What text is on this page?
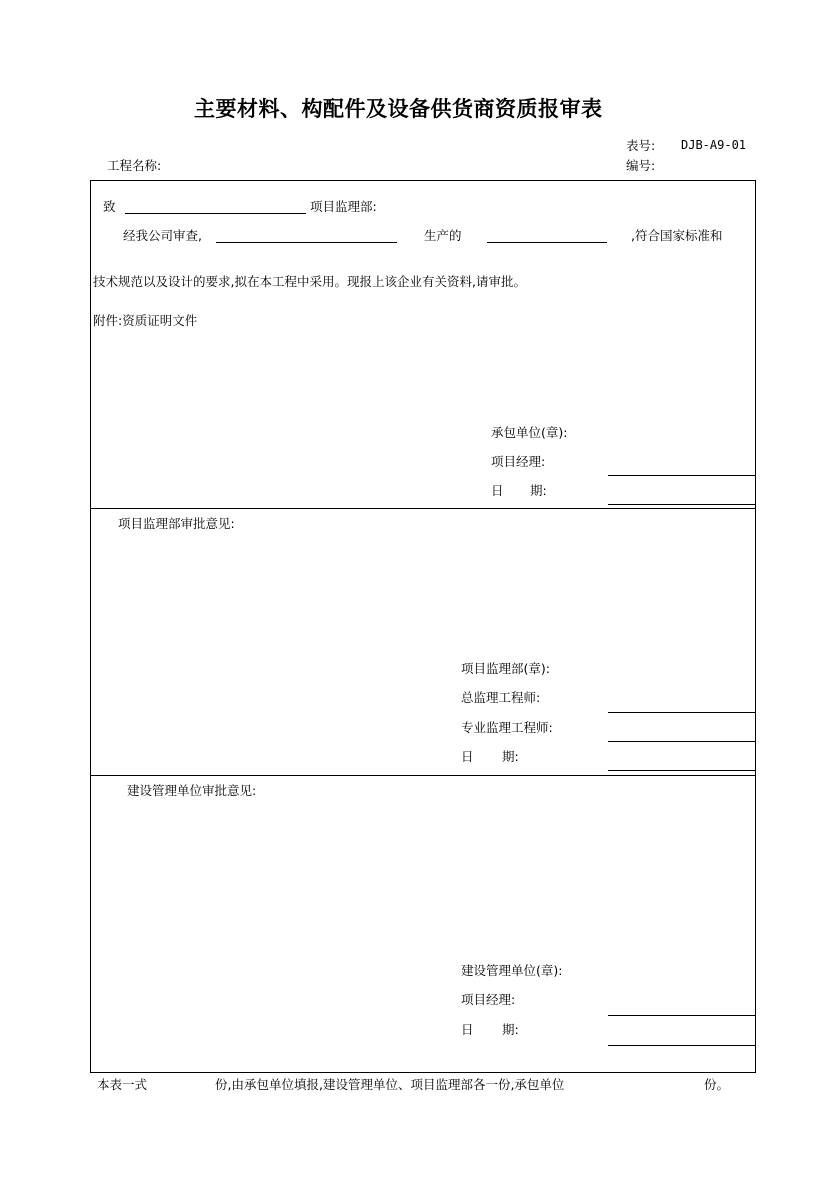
主要材料、构配件及设备供货商资质报审表
表号: DJB-A9-01
编号:
工程名称:
致	项目监理部:
经我公司审查,	生产的	,符合国家标准和
技术规范以及设计的要求,拟在本工程中采用。现报上该企业有关资料,请审批。
附件:资质证明文件
承包单位(章):
项目经理:
日 期:
项目监理部审批意见:
项目监理部(章):
总监理工程师:
专业监理工程师:
日 期:
建设管理单位审批意见:
建设管理单位(章):
项目经理:
日 期:
本表一式	份,由承包单位填报,建设管理单位、项目监理部各一份,承包单位	份。
